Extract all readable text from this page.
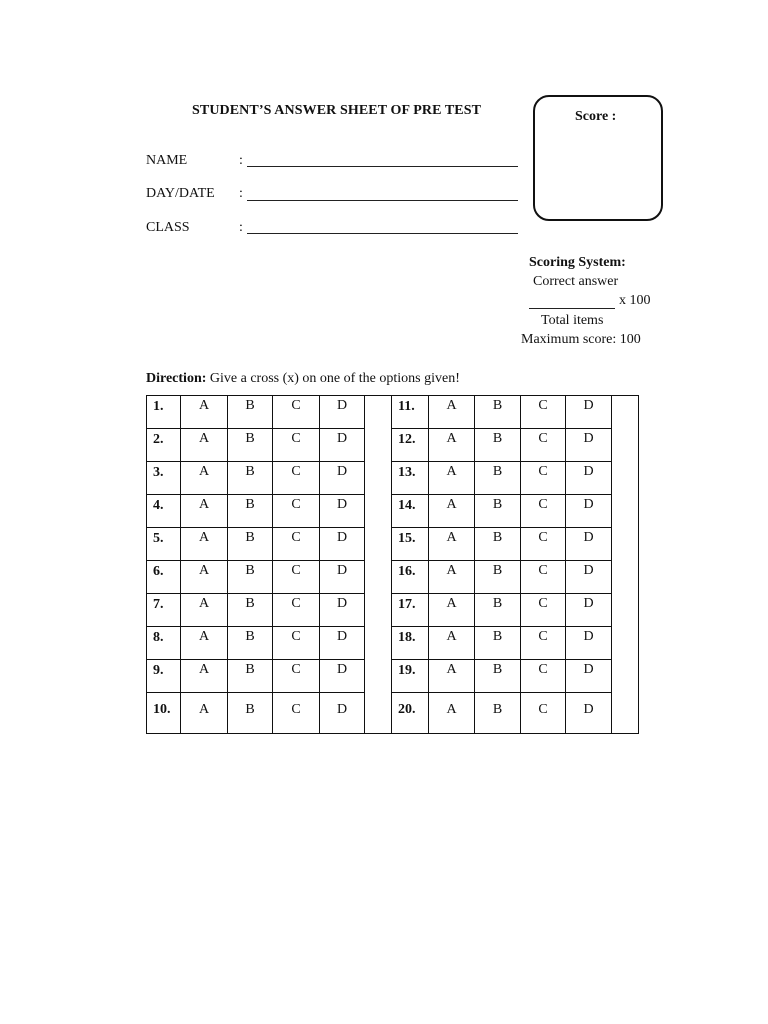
STUDENT’S ANSWER SHEET OF PRE TEST
NAME	:
DAY/DATE :
CLASS	:
Score :
Scoring System:
Correct answer
x 100
Total items
Maximum score: 100
Direction: Give a cross (x) on one of the options given!
1.	A	B	C	D		11.	A	B	C	D	

2.	A	B	C	D		12.	A	B	C	D	

3.	A	B	C	D		13.	A	B	C	D	

4.	A	B	C	D		14.	A	B	C	D	

5.	A	B	C	D		15.	A	B	C	D	

6.	A	B	C	D		16.	A	B	C	D	

7.	A	B	C	D		17.	A	B	C	D	

8.	A	B	C	D		18.	A	B	C	D	

9.	A	B	C	D		19.	A	B	C	D	

10.	A	B	C	D		20.	A	B	C	D	
